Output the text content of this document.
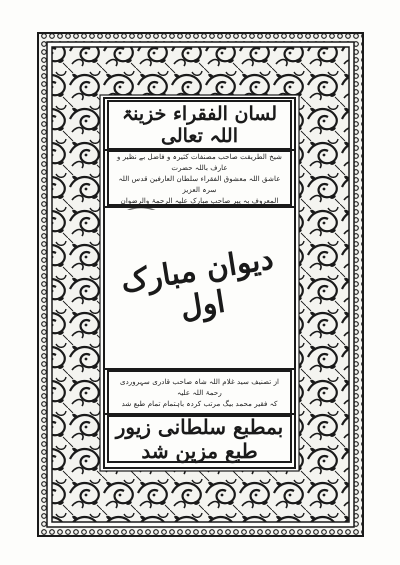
لسان الفقراء خزینۃ اللہ تعالی
شیخ الطریقت صاحب مصنفات کثیرہ و فاضل بے نظیر و عارف باللہ حضرت
عاشق اللہ معشوق الفقراء سلطان العارفین قدس اللہ سرہ العزیز
المعروف بہ پیر صاحب مبارک علیہ الرحمۃ والرضوان
دیوان مبارک اول
از تصنیف سید غلام اللہ شاہ صاحب قادری سہروردی رحمۃ اللہ علیہ
کہ فقیر محمد بیگ مرتب کردہ باہتمام تمام طبع شد
بمطبع سلطانی زیور طبع مزین شد
